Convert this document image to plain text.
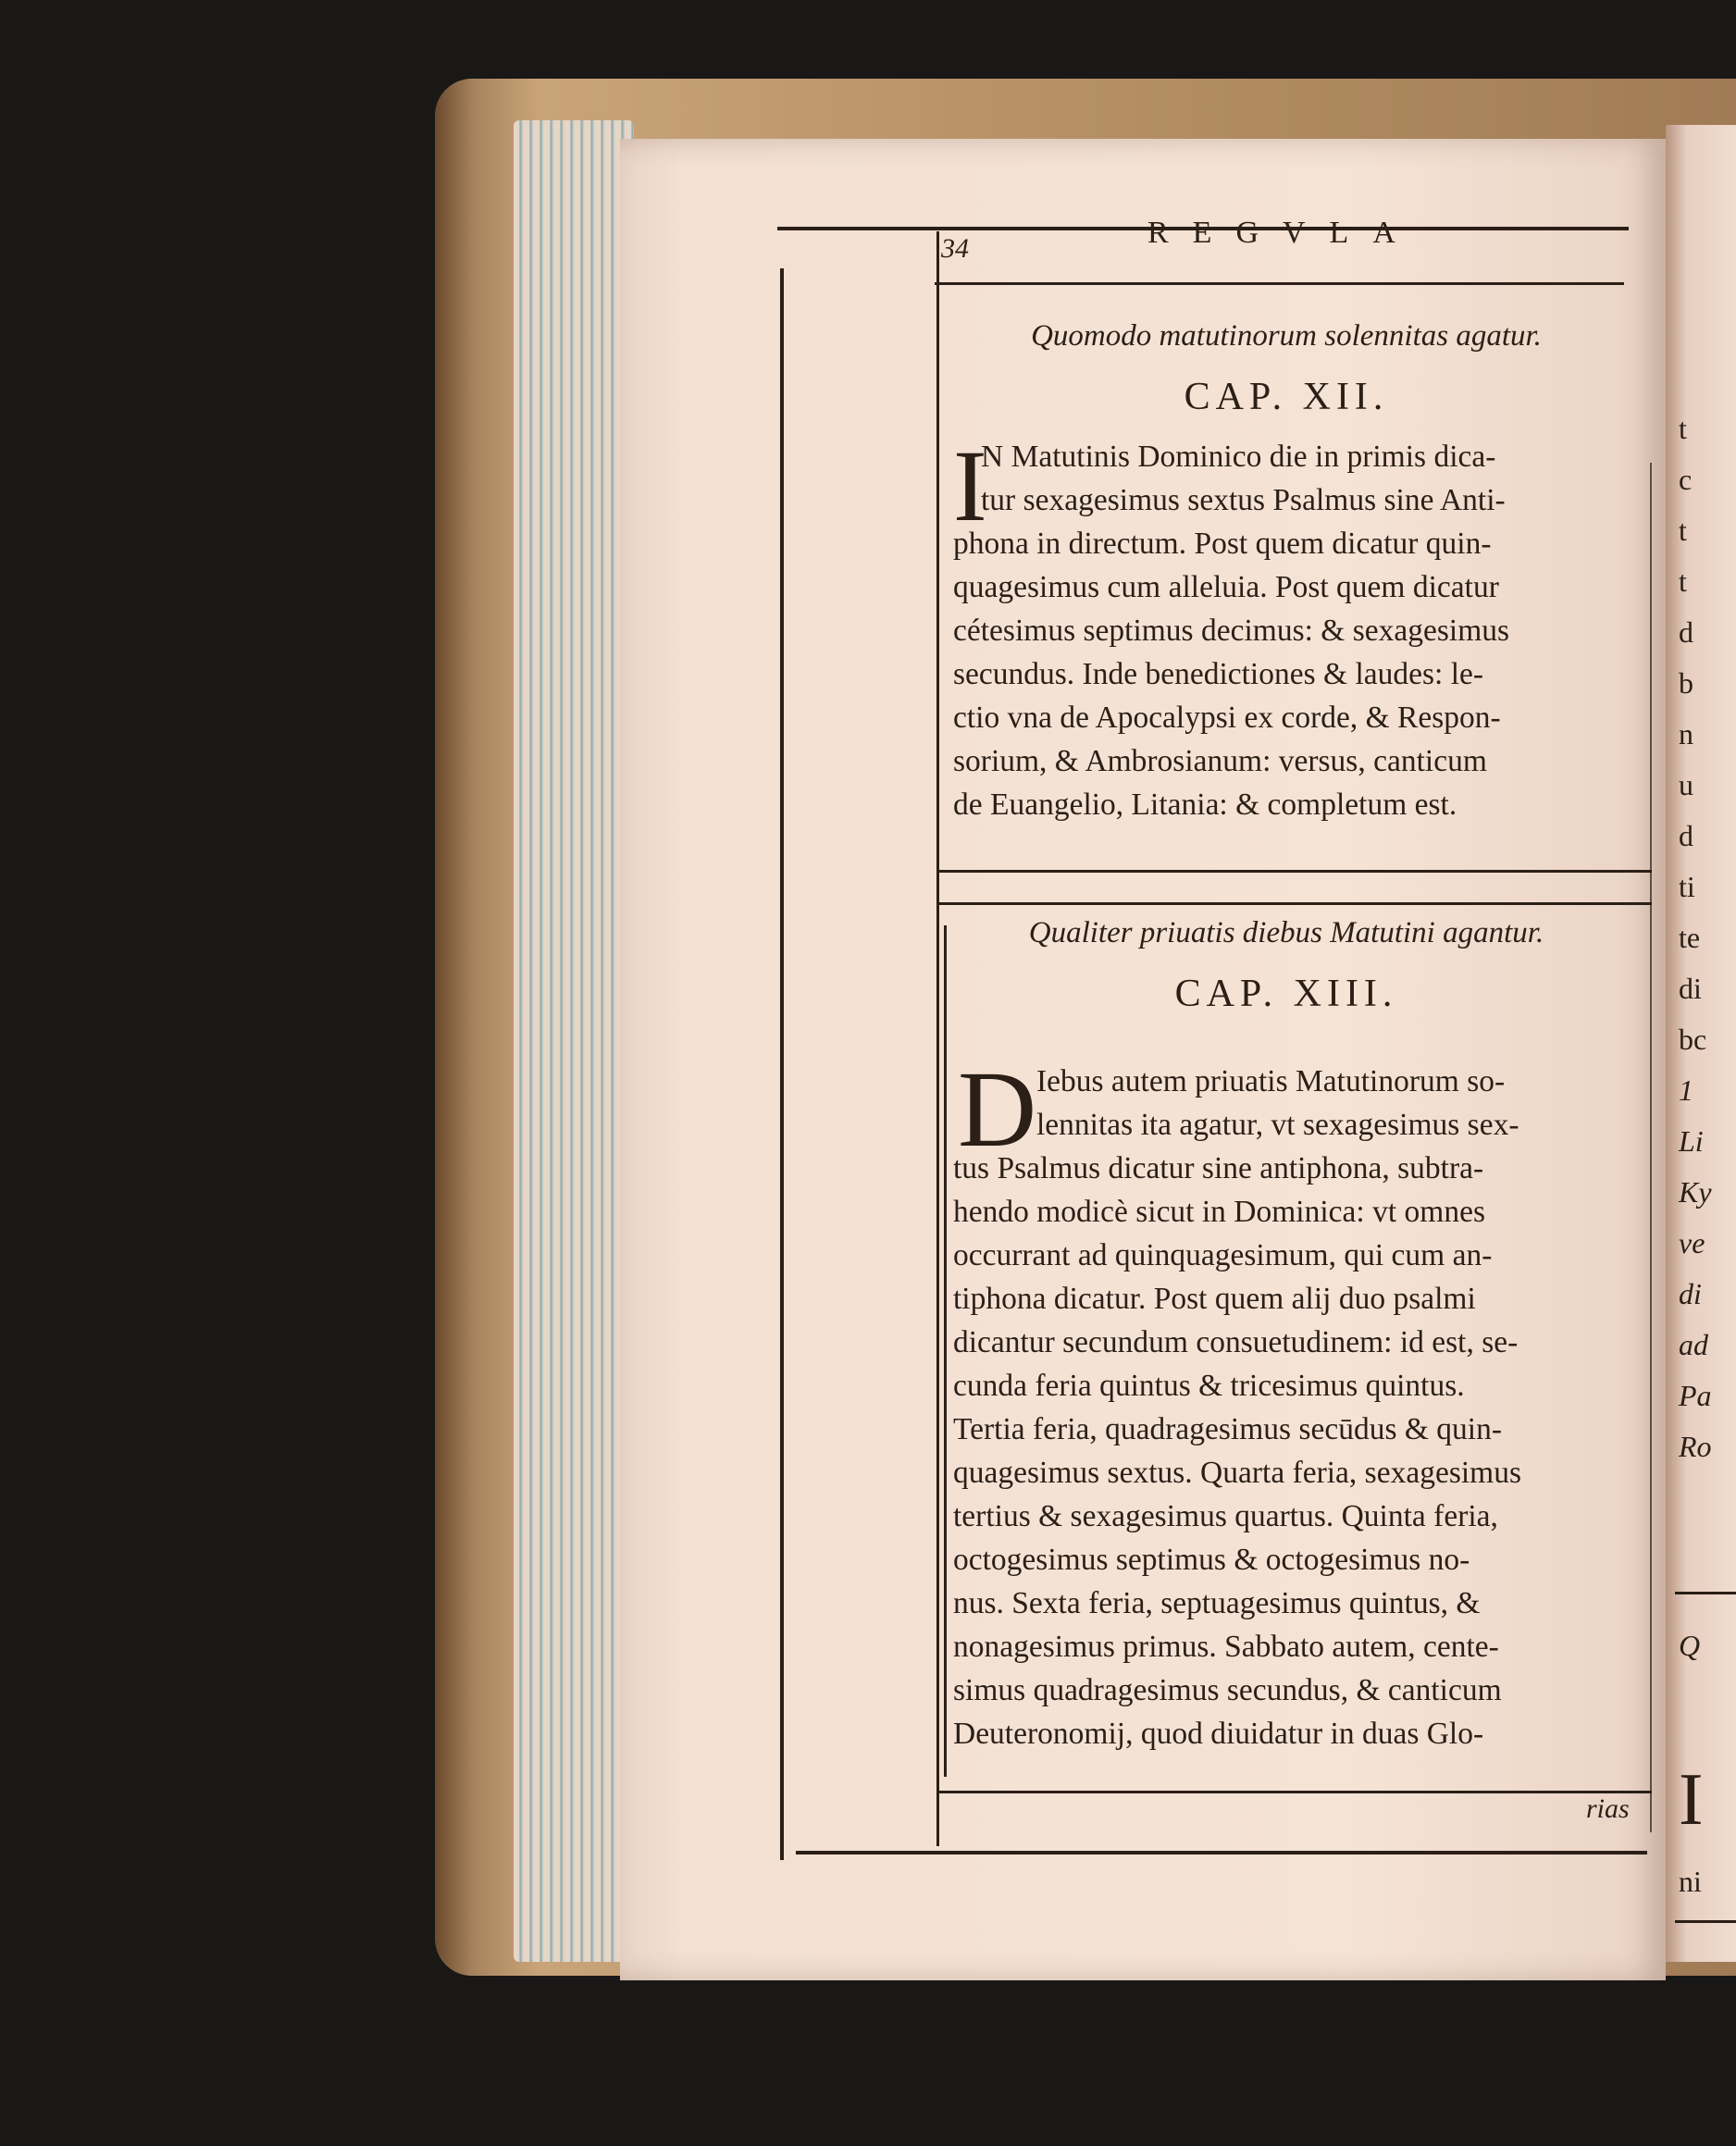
t
c
t
t
d
b
n
u
d
ti
te
di
bc
1
Li
Ky
ve
di
ad
Pa
Ro
Q
I
ni
34	REGVLA
Quomodo matutinorum solennitas agatur.
CAP. XII.
I
N Matutinis Dominico die in primis dica-
tur sexagesimus sextus Psalmus sine Anti-
phona in directum. Post quem dicatur quin-
quagesimus cum alleluia. Post quem dicatur
cétesimus septimus decimus: & sexagesimus
secundus. Inde benedictiones & laudes: le-
ctio vna de Apocalypsi ex corde, & Respon-
sorium, & Ambrosianum: versus, canticum
de Euangelio, Litania: & completum est.
Qualiter priuatis diebus Matutini agantur.
CAP. XIII.
D Iebus autem priuatis Matutinorum so-
lennitas ita agatur, vt sexagesimus sex-
tus Psalmus dicatur sine antiphona, subtra-
hendo modicè sicut in Dominica: vt omnes
occurrant ad quinquagesimum, qui cum an-
tiphona dicatur. Post quem alij duo psalmi
dicantur secundum consuetudinem: id est, se-
cunda feria quintus & tricesimus quintus.
Tertia feria, quadragesimus secūdus & quin-
quagesimus sextus. Quarta feria, sexagesimus
tertius & sexagesimus quartus. Quinta feria,
octogesimus septimus & octogesimus no-
nus. Sexta feria, septuagesimus quintus, &
nonagesimus primus. Sabbato autem, cente-
simus quadragesimus secundus, & canticum
Deuteronomij, quod diuidatur in duas Glo-
rias
